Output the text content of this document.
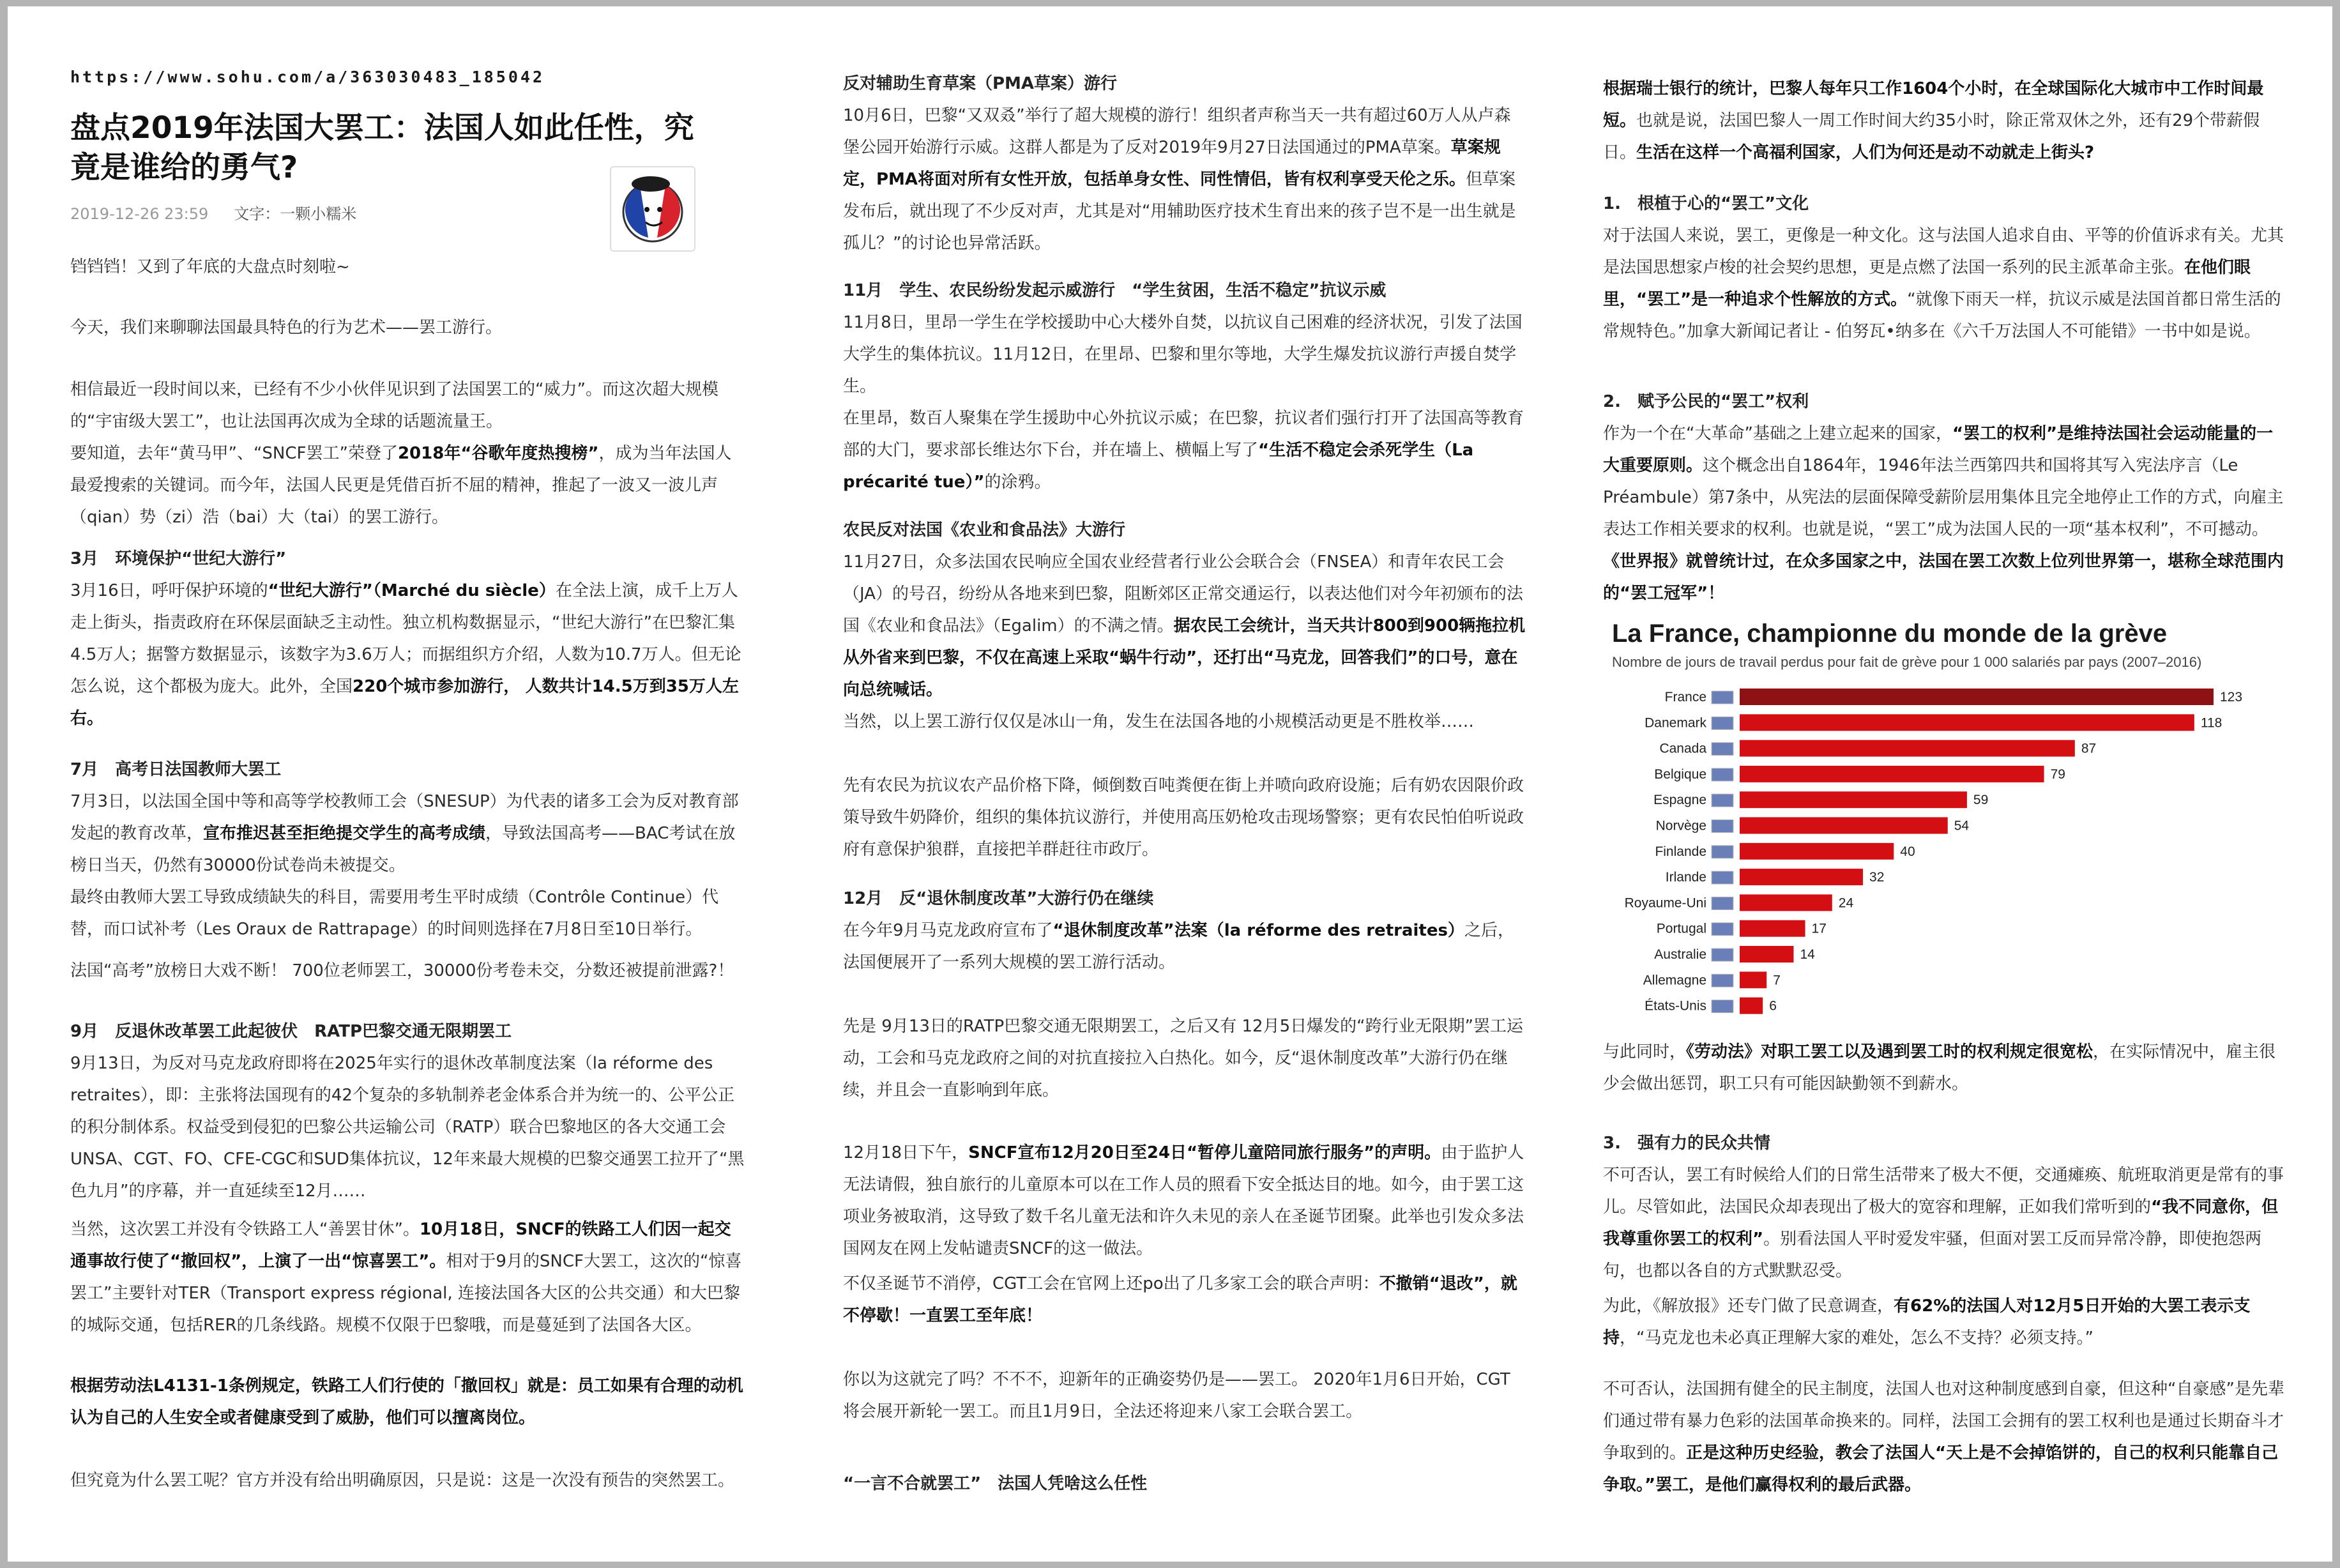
https://www.sohu.com/a/363030483_185042
盘点2019年法国大罢工：法国人如此任性，究竟是谁给的勇气?
2019-12-26 23:59 文字：一颗小糯米

铛铛铛！又到了年底的大盘点时刻啦~

今天，我们来聊聊法国最具特色的行为艺术——罢工游行。

相信最近一段时间以来，已经有不少小伙伴见识到了法国罢工的“威力”。而这次超大规模的“宇宙级大罢工”，也让法国再次成为全球的话题流量王。

要知道，去年“黄马甲”、“SNCF罢工”荣登了2018年“谷歌年度热搜榜”，成为当年法国人最爱搜索的关键词。而今年，法国人民更是凭借百折不屈的精神，推起了一波又一波儿声（qian）势（zi）浩（bai）大（tai）的罢工游行。

3月　环境保护“世纪大游行”

3月16日，呼吁保护环境的“世纪大游行”（Marché du siècle）在全法上演，成千上万人走上街头，指责政府在环保层面缺乏主动性。独立机构数据显示，“世纪大游行”在巴黎汇集4.5万人；据警方数据显示，该数字为3.6万人；而据组织方介绍，人数为10.7万人。但无论怎么说，这个都极为庞大。此外，全国220个城市参加游行， 人数共计14.5万到35万人左右。

7月　高考日法国教师大罢工

7月3日，以法国全国中等和高等学校教师工会（SNESUP）为代表的诸多工会为反对教育部发起的教育改革，宣布推迟甚至拒绝提交学生的高考成绩，导致法国高考——BAC考试在放榜日当天，仍然有30000份试卷尚未被提交。

最终由教师大罢工导致成绩缺失的科目，需要用考生平时成绩（Contrôle Continue）代替，而口试补考（Les Oraux de Rattrapage）的时间则选择在7月8日至10日举行。

法国“高考”放榜日大戏不断！ 700位老师罢工，30000份考卷未交，分数还被提前泄露?！

9月　反退休改革罢工此起彼伏　RATP巴黎交通无限期罢工

9月13日，为反对马克龙政府即将在2025年实行的退休改革制度法案（la réforme des retraites），即：主张将法国现有的42个复杂的多轨制养老金体系合并为统一的、公平公正的积分制体系。权益受到侵犯的巴黎公共运输公司（RATP）联合巴黎地区的各大交通工会UNSA、CGT、FO、CFE-CGC和SUD集体抗议，12年来最大规模的巴黎交通罢工拉开了“黑色九月”的序幕，并一直延续至12月……

当然，这次罢工并没有令铁路工人“善罢甘休”。10月18日，SNCF的铁路工人们因一起交通事故行使了“撤回权”，上演了一出“惊喜罢工”。相对于9月的SNCF大罢工，这次的“惊喜罢工”主要针对TER（Transport express régional, 连接法国各大区的公共交通）和大巴黎的城际交通，包括RER的几条线路。规模不仅限于巴黎哦，而是蔓延到了法国各大区。

根据劳动法L4131-1条例规定，铁路工人们行使的「撤回权」就是：员工如果有合理的动机认为自己的人生安全或者健康受到了威胁，他们可以擅离岗位。

但究竟为什么罢工呢？官方并没有给出明确原因，只是说：这是一次没有预告的突然罢工。

反对辅助生育草案（PMA草案）游行

10月6日，巴黎“又双叒”举行了超大规模的游行！组织者声称当天一共有超过60万人从卢森堡公园开始游行示威。这群人都是为了反对2019年9月27日法国通过的PMA草案。草案规定，PMA将面对所有女性开放，包括单身女性、同性情侣，皆有权利享受天伦之乐。但草案发布后，就出现了不少反对声，尤其是对“用辅助医疗技术生育出来的孩子岂不是一出生就是孤儿？”的讨论也异常活跃。

11月　学生、农民纷纷发起示威游行　“学生贫困，生活不稳定”抗议示威

11月8日，里昂一学生在学校援助中心大楼外自焚，以抗议自己困难的经济状况，引发了法国大学生的集体抗议。11月12日，在里昂、巴黎和里尔等地，大学生爆发抗议游行声援自焚学生。

在里昂，数百人聚集在学生援助中心外抗议示威；在巴黎，抗议者们强行打开了法国高等教育部的大门，要求部长维达尔下台，并在墙上、横幅上写了“生活不稳定会杀死学生（La précarité tue）”的涂鸦。

农民反对法国《农业和食品法》大游行

11月27日，众多法国农民响应全国农业经营者行业公会联合会（FNSEA）和青年农民工会（JA）的号召，纷纷从各地来到巴黎，阻断郊区正常交通运行，以表达他们对今年初颁布的法国《农业和食品法》（Egalim）的不满之情。据农民工会统计，当天共计800到900辆拖拉机从外省来到巴黎，不仅在高速上采取“蜗牛行动”，还打出“马克龙，回答我们”的口号，意在向总统喊话。

当然，以上罢工游行仅仅是冰山一角，发生在法国各地的小规模活动更是不胜枚举……

先有农民为抗议农产品价格下降，倾倒数百吨粪便在街上并喷向政府设施；后有奶农因限价政策导致牛奶降价，组织的集体抗议游行，并使用高压奶枪攻击现场警察；更有农民怕伯听说政府有意保护狼群，直接把羊群赶往市政厅。

12月　反“退休制度改革”大游行仍在继续

在今年9月马克龙政府宣布了“退休制度改革”法案（la réforme des retraites）之后，法国便展开了一系列大规模的罢工游行活动。

先是 9月13日的RATP巴黎交通无限期罢工，之后又有 12月5日爆发的“跨行业无限期”罢工运动，工会和马克龙政府之间的对抗直接拉入白热化。如今，反“退休制度改革”大游行仍在继续，并且会一直影响到年底。

12月18日下午，SNCF宣布12月20日至24日“暂停儿童陪同旅行服务”的声明。由于监护人无法请假，独自旅行的儿童原本可以在工作人员的照看下安全抵达目的地。如今，由于罢工这项业务被取消，这导致了数千名儿童无法和许久未见的亲人在圣诞节团聚。此举也引发众多法国网友在网上发帖谴责SNCF的这一做法。

不仅圣诞节不消停，CGT工会在官网上还po出了几多家工会的联合声明：不撤销“退改”，就不停歇！一直罢工至年底！

你以为这就完了吗？不不不，迎新年的正确姿势仍是——罢工。 2020年1月6日开始，CGT将会展开新轮一罢工。而且1月9日，全法还将迎来八家工会联合罢工。

“一言不合就罢工”　法国人凭啥这么任性

根据瑞士银行的统计，巴黎人每年只工作1604个小时，在全球国际化大城市中工作时间最短。也就是说，法国巴黎人一周工作时间大约35小时，除正常双休之外，还有29个带薪假日。生活在这样一个高福利国家，人们为何还是动不动就走上街头?

1.　根植于心的“罢工”文化

对于法国人来说，罢工，更像是一种文化。这与法国人追求自由、平等的价值诉求有关。尤其是法国思想家卢梭的社会契约思想，更是点燃了法国一系列的民主派革命主张。在他们眼里，“罢工”是一种追求个性解放的方式。“就像下雨天一样，抗议示威是法国首都日常生活的常规特色。”加拿大新闻记者让 - 伯努瓦•纳多在《六千万法国人不可能错》一书中如是说。

2.　赋予公民的“罢工”权利

作为一个在“大革命”基础之上建立起来的国家，“罢工的权利”是维持法国社会运动能量的一大重要原则。这个概念出自1864年，1946年法兰西第四共和国将其写入宪法序言（Le Préambule）第7条中，从宪法的层面保障受薪阶层用集体且完全地停止工作的方式，向雇主表达工作相关要求的权利。也就是说，“罢工”成为法国人民的一项“基本权利”，不可撼动。《世界报》就曾统计过，在众多国家之中，法国在罢工次数上位列世界第一，堪称全球范围内的“罢工冠军”！

与此同时，《劳动法》对职工罢工以及遇到罢工时的权利规定很宽松，在实际情况中，雇主很少会做出惩罚，职工只有可能因缺勤领不到薪水。

3.　强有力的民众共情

不可否认，罢工有时候给人们的日常生活带来了极大不便，交通瘫痪、航班取消更是常有的事儿。尽管如此，法国民众却表现出了极大的宽容和理解，正如我们常听到的“我不同意你，但我尊重你罢工的权利”。别看法国人平时爱发牢骚，但面对罢工反而异常冷静，即使抱怨两句，也都以各自的方式默默忍受。

为此，《解放报》还专门做了民意调查，有62%的法国人对12月5日开始的大罢工表示支持，“马克龙也未必真正理解大家的难处，怎么不支持？必须支持。”

不可否认，法国拥有健全的民主制度，法国人也对这种制度感到自豪，但这种“自豪感”是先辈们通过带有暴力色彩的法国革命换来的。同样，法国工会拥有的罢工权利也是通过长期奋斗才争取到的。正是这种历史经验，教会了法国人“天上是不会掉馅饼的，自己的权利只能靠自己争取。”罢工，是他们赢得权利的最后武器。

La France, championne du monde de la grève
Nombre de jours de travail perdus pour fait de grève pour 1 000 salariés par pays (2007–2016)
France	123
Danemark	118
Canada	87
Belgique	79
Espagne	59
Norvège	54
Finlande	40
Irlande	32
Royaume-Uni	24
Portugal	17
Australie	14
Allemagne	7
États-Unis	6
